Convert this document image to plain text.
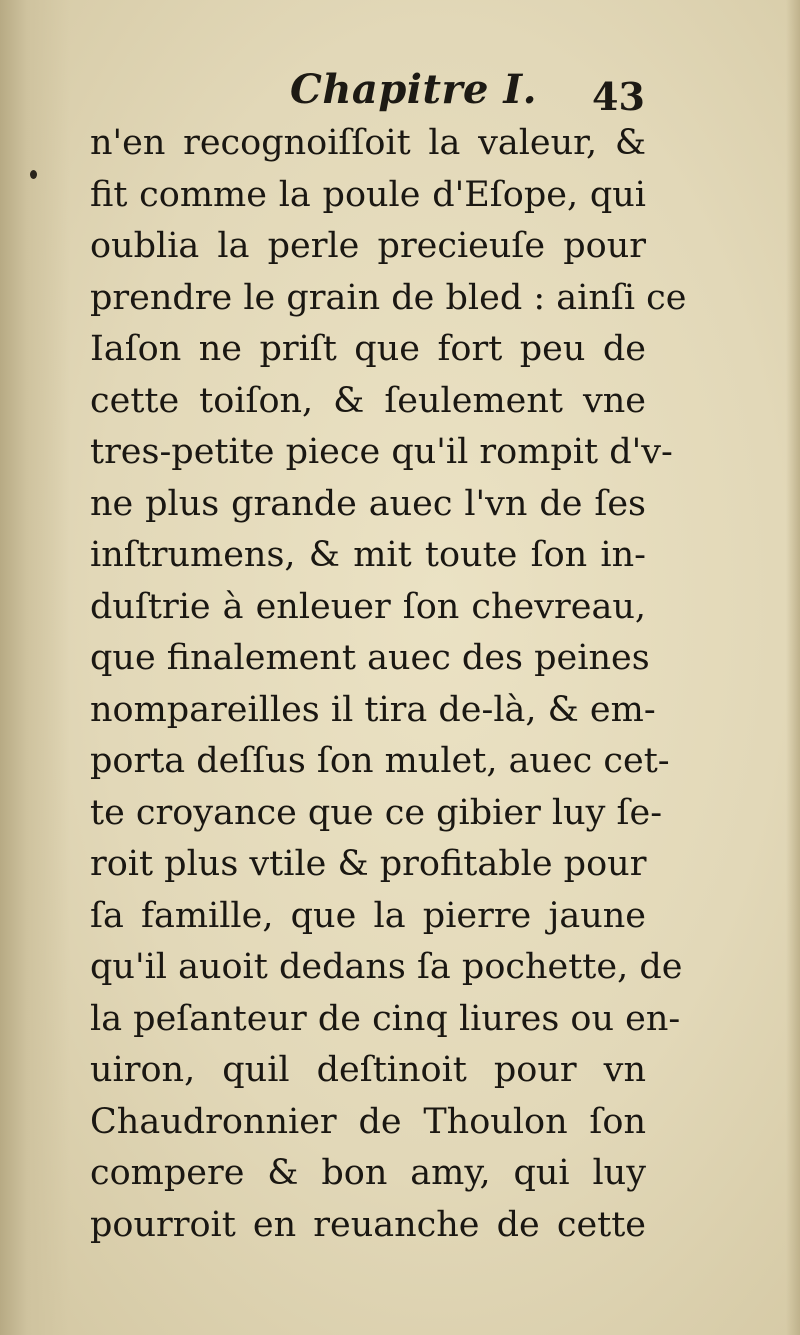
Chapitre I. 43
n'en recognoiſſoit la valeur, &
fit comme la poule d'Eſope, qui
oublia la perle precieuſe pour
prendre le grain de bled : ainſi ce
Iaſon ne priſt que fort peu de
cette toiſon, & ſeulement vne
tres-petite piece qu'il rompit d'v-
ne plus grande auec l'vn de ſes
inſtrumens, & mit toute ſon in-
duſtrie à enleuer ſon chevreau,
que finalement auec des peines
nompareilles il tira de-là, & em-
porta deſſus ſon mulet, auec cet-
te croyance que ce gibier luy ſe-
roit plus vtile & profitable pour
ſa famille, que la pierre jaune
qu'il auoit dedans ſa pochette, de
la peſanteur de cinq liures ou en-
uiron, quil deſtinoit pour vn
Chaudronnier de Thoulon ſon
compere & bon amy, qui luy
pourroit en reuanche de cette
